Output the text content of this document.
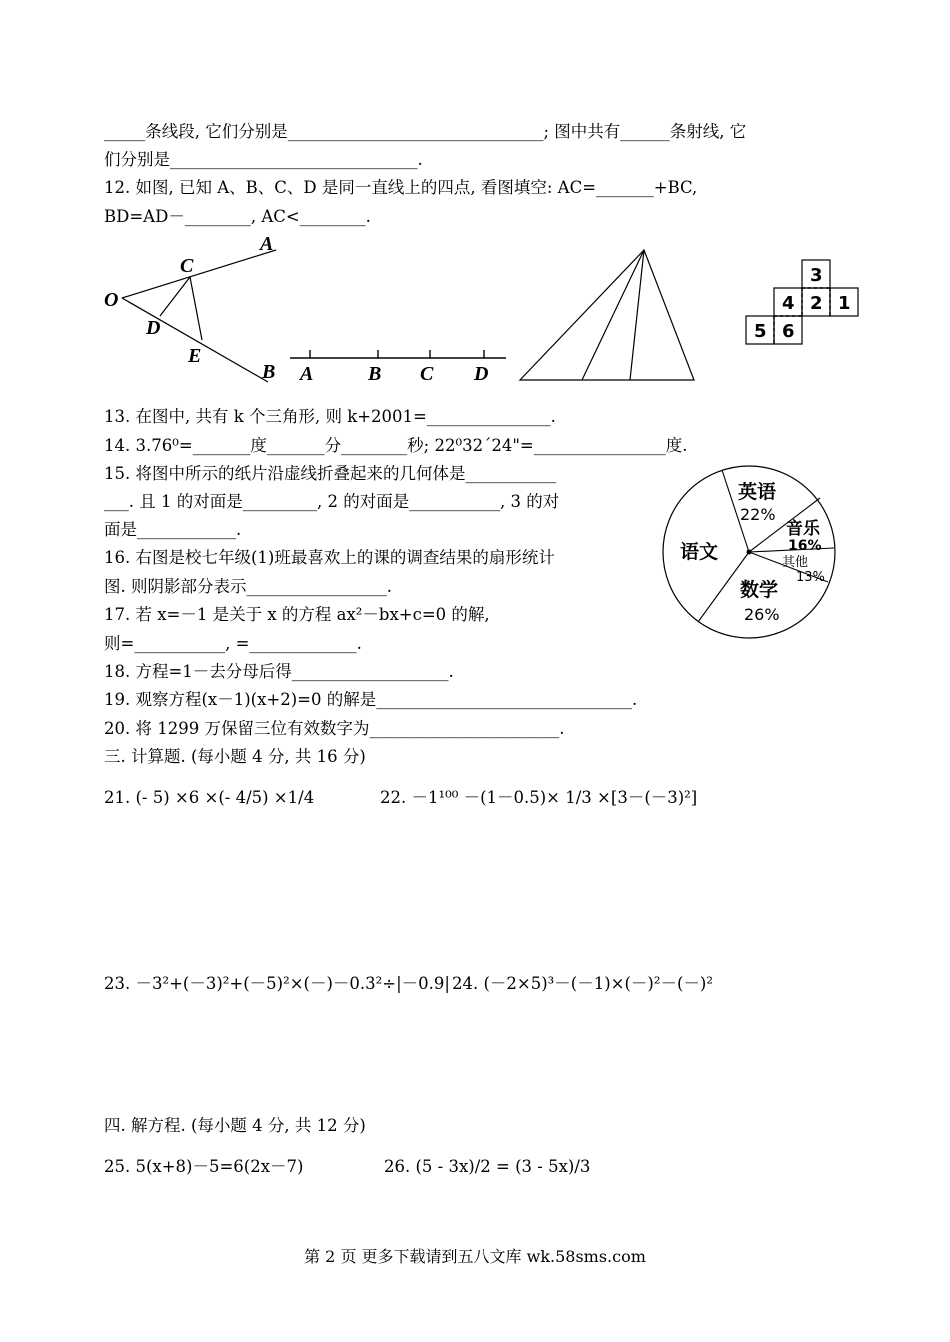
_____条线段, 它们分别是_______________________________; 图中共有______条射线, 它
们分别是______________________________.
12. 如图, 已知 A、B、C、D 是同一直线上的四点, 看图填空: AC=_______+BC,
BD=AD－________, AC<________.
O
C
D
E
A
B A	B C D
3
4 2 1
5 6
13. 在图中, 共有 k 个三角形, 则 k+2001=_______________.
14. 3.76⁰=_______度_______分________秒; 22⁰32´24"=________________度.
15. 将图中所示的纸片沿虚线折叠起来的几何体是___________
___. 且 1 的对面是_________, 2 的对面是___________, 3 的对
面是____________.
16. 右图是校七年级(1)班最喜欢上的课的调查结果的扇形统计
图. 则阴影部分表示_________________.
英语
22%
音乐
16%
其他
13%
语文
数学
26%
17. 若 x=－1 是关于 x 的方程 ax²－bx+c=0 的解,
则=___________, =_____________.
18. 方程=1－去分母后得___________________.
19. 观察方程(x－1)(x+2)=0 的解是_______________________________.
20. 将 1299 万保留三位有效数字为_______________________.
三. 计算题. (每小题 4 分, 共 16 分)
21. (- 5) ×6 ×(- 4/5) ×1/4	22. －1¹⁰⁰ －(1－0.5)× 1/3 ×[3－(－3)²]
23. －3²+(－3)²+(－5)²×(－)－0.3²÷|－0.9| 24. (－2×5)³－(－1)×(－)²－(－)²
四. 解方程. (每小题 4 分, 共 12 分)
25. 5(x+8)－5=6(2x－7)	26. (5 - 3x)/2 = (3 - 5x)/3
第 2 页 更多下载请到五八文库 wk.58sms.com
